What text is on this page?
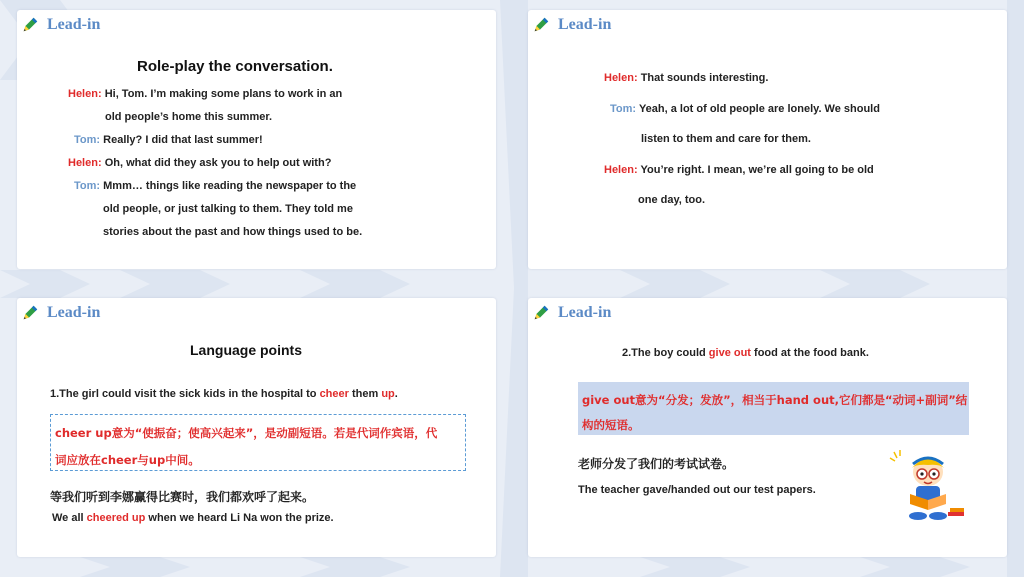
Lead-in
Role-play the conversation.
Helen: Hi, Tom. I’m making some plans to work in an
old people’s home this summer.
Tom: Really? I did that last summer!
Helen: Oh, what did they ask you to help out with?
Tom: Mmm… things like reading the newspaper to the
old people, or just talking to them. They told me
stories about the past and how things used to be.
Lead-in
Helen: That sounds interesting.
Tom: Yeah, a lot of old people are lonely. We should
listen to them and care for them.
Helen: You’re right. I mean, we’re all going to be old
one day, too.
Lead-in
Language points
1.The girl could visit the sick kids in the hospital to cheer them up.
cheer up意为“使振奋；使高兴起来”，是动副短语。若是代词作宾语，代
词应放在cheer与up中间。
等我们听到李娜赢得比赛时，我们都欢呼了起来。
We all cheered up when we heard Li Na won the prize.
Lead-in
2.The boy could give out food at the food bank.
give out意为“分发；发放”，相当于hand out,它们都是“动词+副词”结
构的短语。
老师分发了我们的考试试卷。
The teacher gave/handed out our test papers.
